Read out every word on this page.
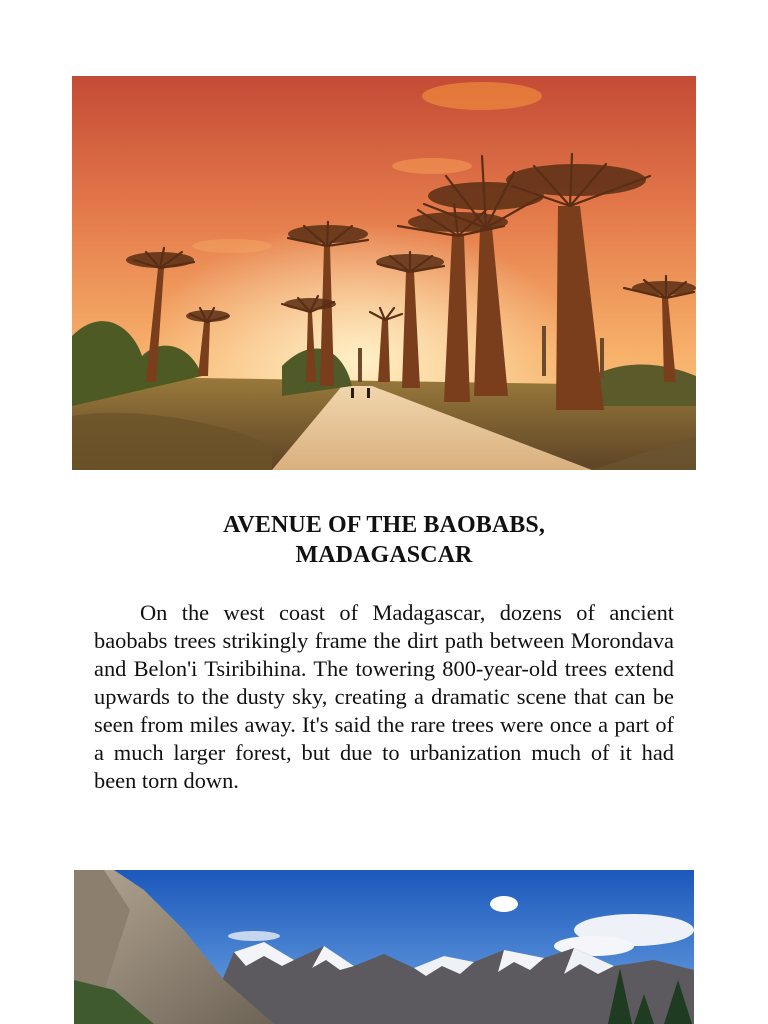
AVENUE OF THE BAOBABS,
MADAGASCAR

On the west coast of Madagascar, dozens of ancient baobabs trees strikingly frame the dirt path between Morondava and Belon'i Tsiribihina. The towering 800-year-old trees extend upwards to the dusty sky, creating a dramatic scene that can be seen from miles away. It's said the rare trees were once a part of a much larger forest, but due to urbanization much of it had been torn down.
